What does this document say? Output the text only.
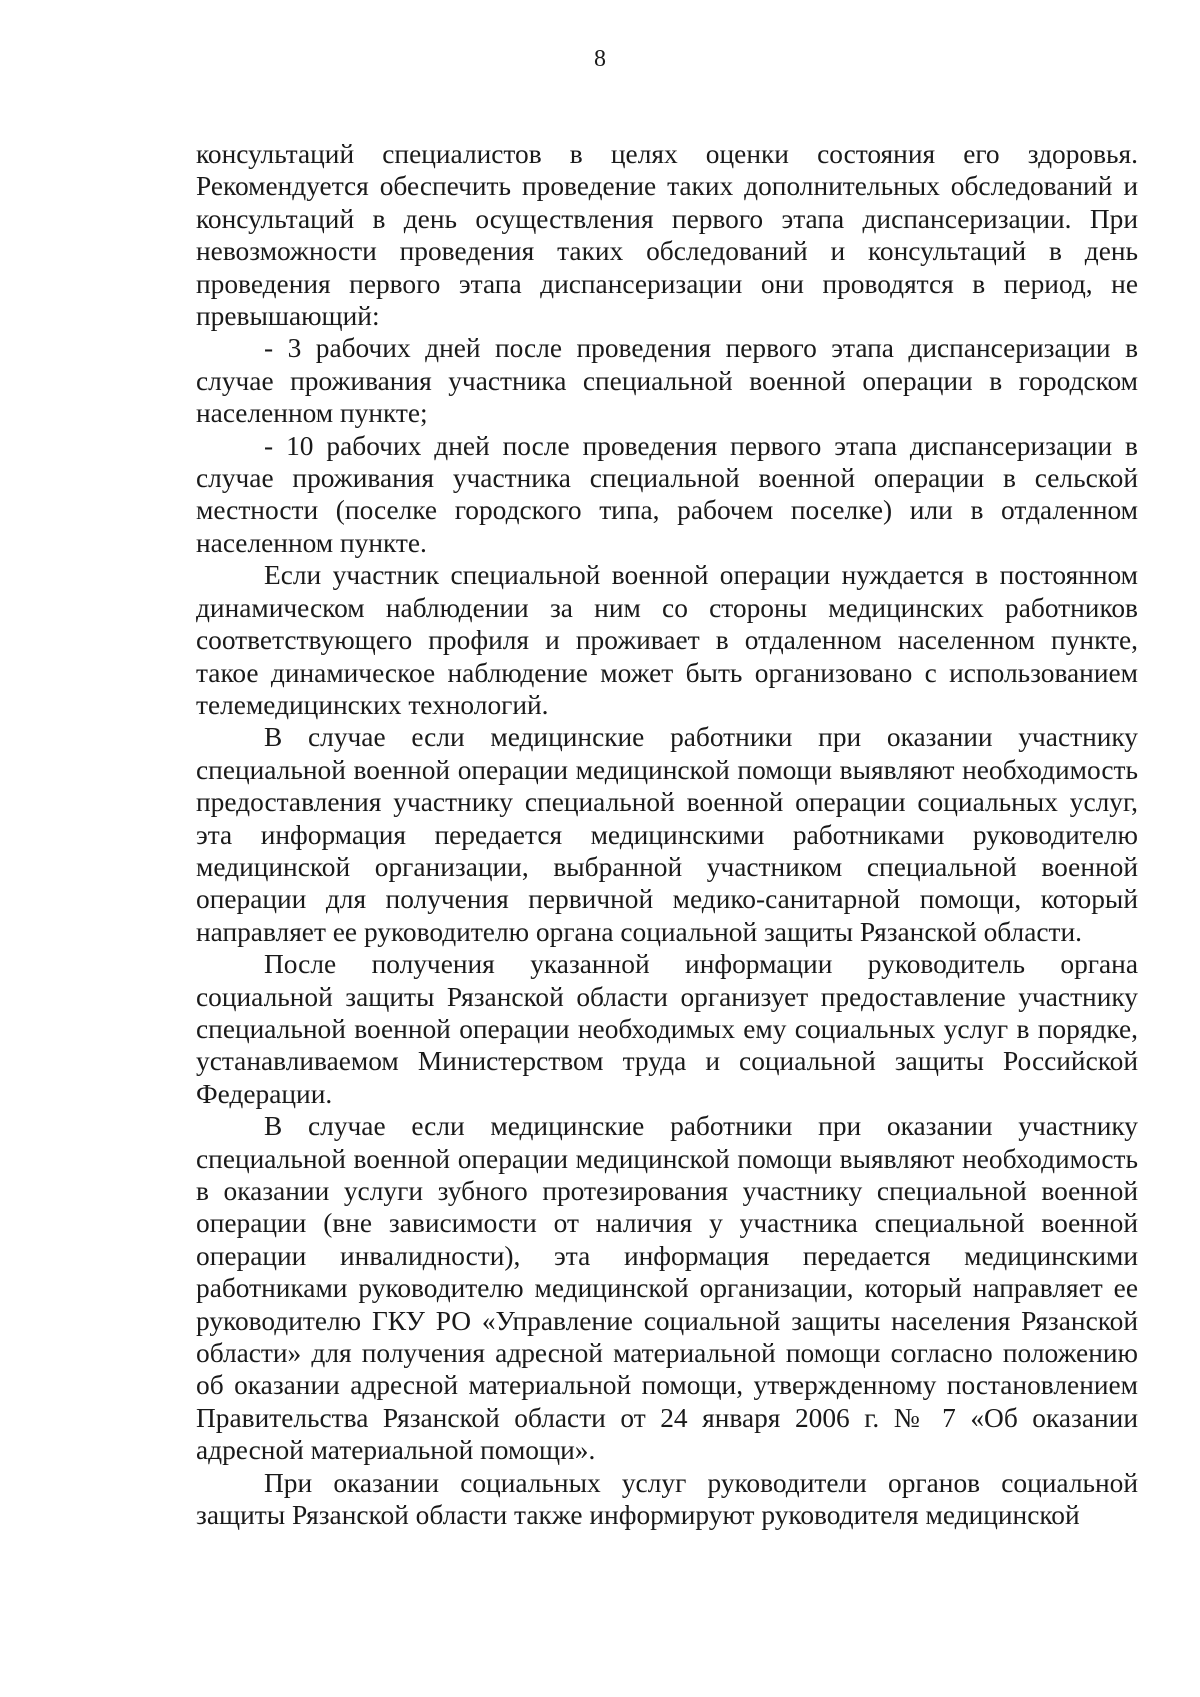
8

консультаций специалистов в целях оценки состояния его здоровья. Рекомендуется обеспечить проведение таких дополнительных обследований и консультаций в день осуществления первого этапа диспансеризации. При невозможности проведения таких обследований и консультаций в день проведения первого этапа диспансеризации они проводятся в период, не превышающий:

- 3 рабочих дней после проведения первого этапа диспансеризации в случае проживания участника специальной военной операции в городском населенном пункте;

- 10 рабочих дней после проведения первого этапа диспансеризации в случае проживания участника специальной военной операции в сельской местности (поселке городского типа, рабочем поселке) или в отдаленном населенном пункте.

Если участник специальной военной операции нуждается в постоянном динамическом наблюдении за ним со стороны медицинских работников соответствующего профиля и проживает в отдаленном населенном пункте, такое динамическое наблюдение может быть организовано с использованием телемедицинских технологий.

В случае если медицинские работники при оказании участнику специальной военной операции медицинской помощи выявляют необходимость предоставления участнику специальной военной операции социальных услуг, эта информация передается медицинскими работниками руководителю медицинской организации, выбранной участником специальной военной операции для получения первичной медико-санитарной помощи, который направляет ее руководителю органа социальной защиты Рязанской области.

После получения указанной информации руководитель органа социальной защиты Рязанской области организует предоставление участнику специальной военной операции необходимых ему социальных услуг в порядке, устанавливаемом Министерством труда и социальной защиты Российской Федерации.

В случае если медицинские работники при оказании участнику специальной военной операции медицинской помощи выявляют необходимость в оказании услуги зубного протезирования участнику специальной военной операции (вне зависимости от наличия у участника специальной военной операции инвалидности), эта информация передается медицинскими работниками руководителю медицинской организации, который направляет ее руководителю ГКУ РО «Управление социальной защиты населения Рязанской области» для получения адресной материальной помощи согласно положению об оказании адресной материальной помощи, утвержденному постановлением Правительства Рязанской области от 24 января 2006 г. № 7 «Об оказании адресной материальной помощи».

При оказании социальных услуг руководители органов социальной защиты Рязанской области также информируют руководителя медицинской
